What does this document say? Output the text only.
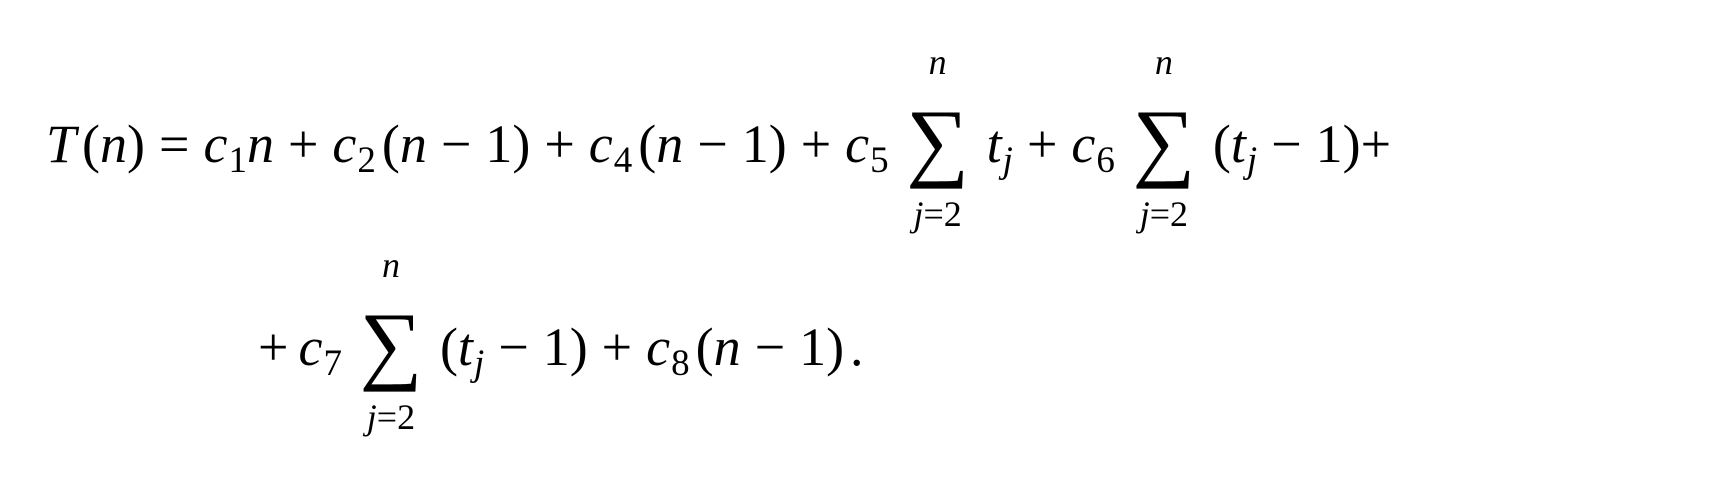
T (n) = c1n + c2 (n − 1) + c4 (n − 1) + c5
n
∑
j=2
tj + c6
n
∑
j=2
(tj − 1)+
+ c7
n
∑
j=2
(tj − 1) + c8 (n − 1) .
